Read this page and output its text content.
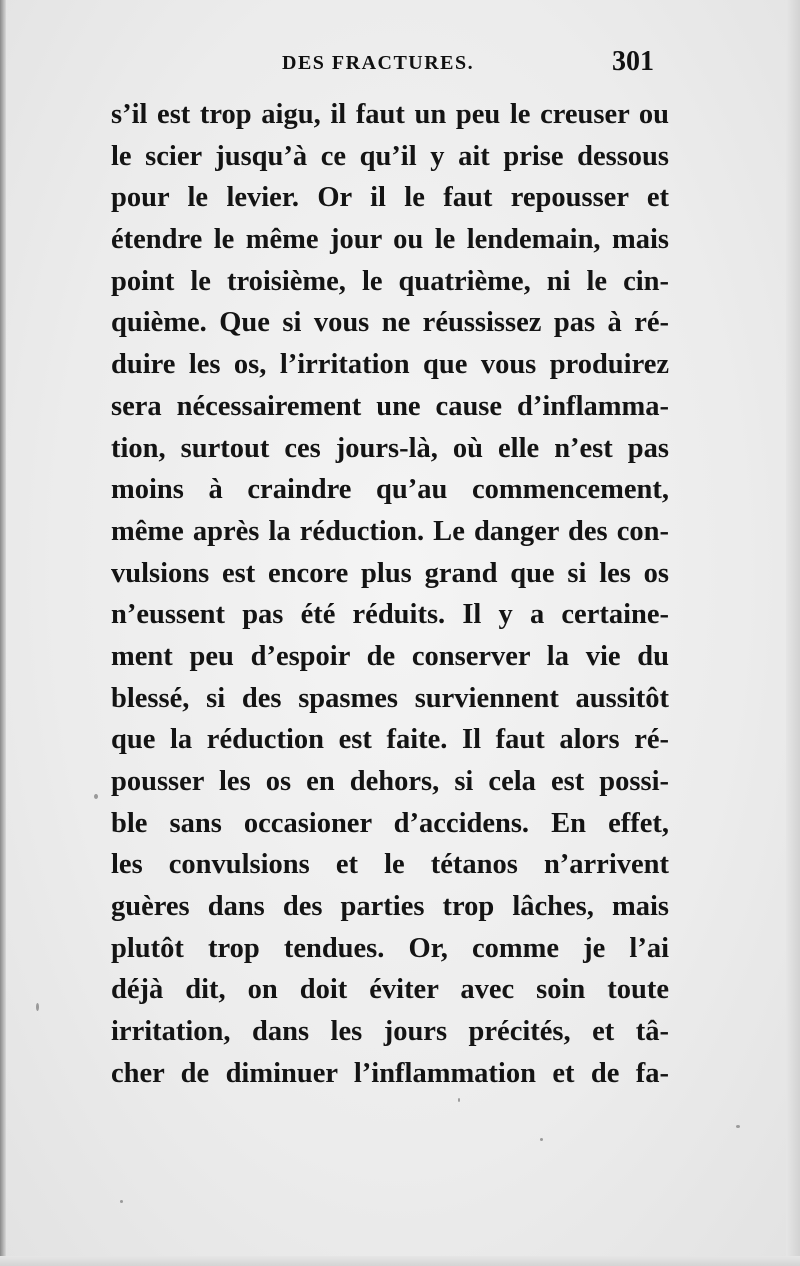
DES FRACTURES.	301
s’il est trop aigu, il faut un peu le creuser ou
le scier jusqu’à ce qu’il y ait prise dessous
pour le levier. Or il le faut repousser et
étendre le même jour ou le lendemain, mais
point le troisième, le quatrième, ni le cin-
quième. Que si vous ne réussissez pas à ré-
duire les os, l’irritation que vous produirez
sera nécessairement une cause d’inflamma-
tion, surtout ces jours-là, où elle n’est pas
moins à craindre qu’au commencement,
même après la réduction. Le danger des con-
vulsions est encore plus grand que si les os
n’eussent pas été réduits. Il y a certaine-
ment peu d’espoir de conserver la vie du
blessé, si des spasmes surviennent aussitôt
que la réduction est faite. Il faut alors ré-
pousser les os en dehors, si cela est possi-
ble sans occasioner d’accidens. En effet,
les convulsions et le tétanos n’arrivent
guères dans des parties trop lâches, mais
plutôt trop tendues. Or, comme je l’ai
déjà dit, on doit éviter avec soin toute
irritation, dans les jours précités, et tâ-
cher de diminuer l’inflammation et de fa-
